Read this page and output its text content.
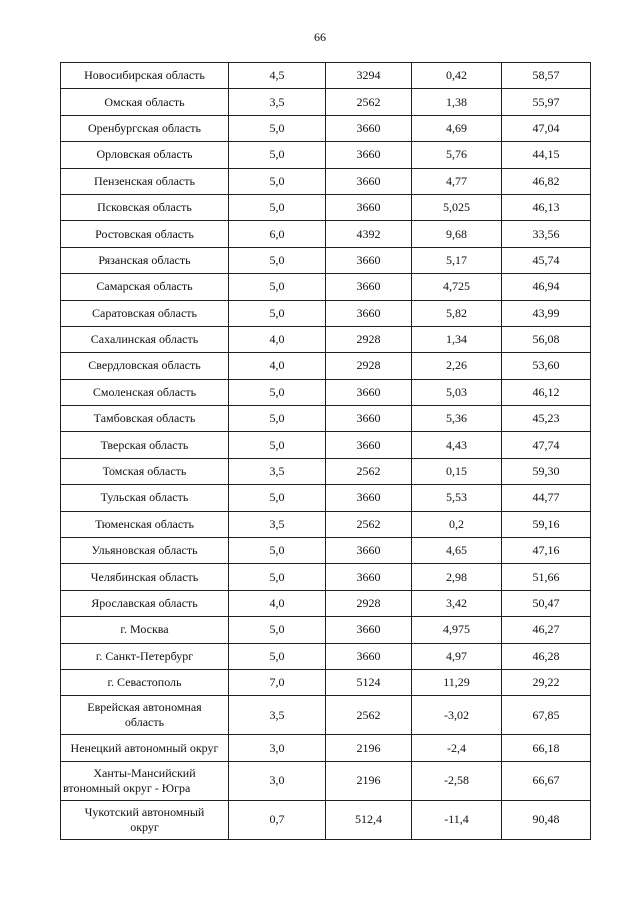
66
Новосибирская область	4,5	3294	0,42	58,57
Омская область	3,5	2562	1,38	55,97
Оренбургская область	5,0	3660	4,69	47,04
Орловская область	5,0	3660	5,76	44,15
Пензенская область	5,0	3660	4,77	46,82
Псковская область	5,0	3660	5,025	46,13
Ростовская область	6,0	4392	9,68	33,56
Рязанская область	5,0	3660	5,17	45,74
Самарская область	5,0	3660	4,725	46,94
Саратовская область	5,0	3660	5,82	43,99
Сахалинская область	4,0	2928	1,34	56,08
Свердловская область	4,0	2928	2,26	53,60
Смоленская область	5,0	3660	5,03	46,12
Тамбовская область	5,0	3660	5,36	45,23
Тверская область	5,0	3660	4,43	47,74
Томская область	3,5	2562	0,15	59,30
Тульская область	5,0	3660	5,53	44,77
Тюменская область	3,5	2562	0,2	59,16
Ульяновская область	5,0	3660	4,65	47,16
Челябинская область	5,0	3660	2,98	51,66
Ярославская область	4,0	2928	3,42	50,47
г. Москва	5,0	3660	4,975	46,27
г. Санкт-Петербург	5,0	3660	4,97	46,28
г. Севастополь	7,0	5124	11,29	29,22

Еврейская автономная
область	3,5	2562	-3,02	67,85
Ненецкий автономный округ	3,0	2196	-2,4	66,18

Ханты-Мансийский
втономный округ - Югра	3,0	2196	-2,58	66,67

Чукотский автономный
округ	0,7	512,4	-11,4	90,48
